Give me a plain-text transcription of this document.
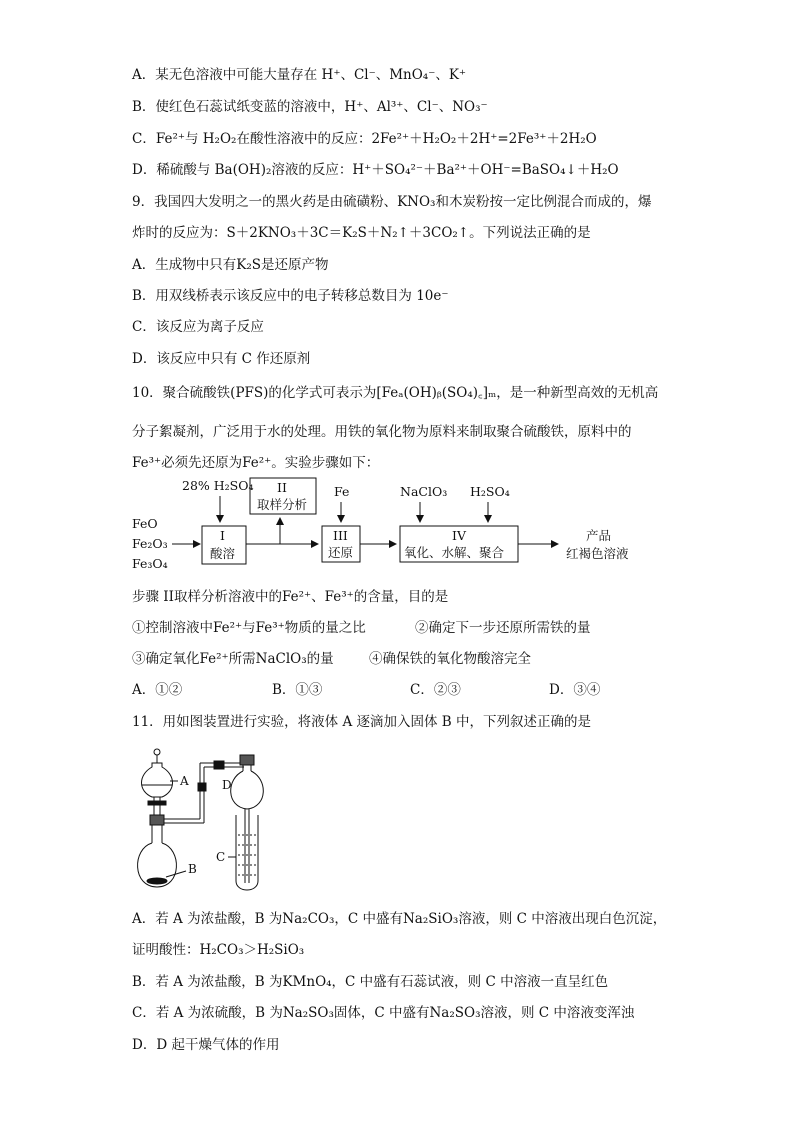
A．某无色溶液中可能大量存在 H⁺、Cl⁻、MnO₄⁻、K⁺
B．使红色石蕊试纸变蓝的溶液中，H⁺、Al³⁺、Cl⁻、NO₃⁻
C．Fe²⁺与 H₂O₂在酸性溶液中的反应：2Fe²⁺＋H₂O₂＋2H⁺=2Fe³⁺＋2H₂O
D．稀硫酸与 Ba(OH)₂溶液的反应：H⁺＋SO₄²⁻＋Ba²⁺＋OH⁻=BaSO₄↓＋H₂O
9．我国四大发明之一的黑火药是由硫磺粉、KNO₃和木炭粉按一定比例混合而成的，爆
炸时的反应为：S＋2KNO₃＋3C＝K₂S＋N₂↑＋3CO₂↑。下列说法正确的是
A．生成物中只有K₂S是还原产物
B．用双线桥表示该反应中的电子转移总数目为 10e⁻
C．该反应为离子反应
D．该反应中只有 C 作还原剂
10．聚合硫酸铁(PFS)的化学式可表示为[Feₐ(OH)ᵦ(SO₄)꜀]ₘ，是一种新型高效的无机高
分子絮凝剂，广泛用于水的处理。用铁的氧化物为原料来制取聚合硫酸铁，原料中的
Fe³⁺必须先还原为Fe²⁺。实验步骤如下：
28% H₂SO₄
I
酸溶
FeO
Fe₂O₃
Fe₃O₄
II
取样分析
Fe
III
还原
NaClO₃ H₂SO₄
IV
氧化、水解、聚合
产品
红褐色溶液
步骤 II取样分析溶液中的Fe²⁺、Fe³⁺的含量，目的是
①控制溶液中Fe²⁺与Fe³⁺物质的量之比	②确定下一步还原所需铁的量
③确定氧化Fe²⁺所需NaClO₃的量	④确保铁的氧化物酸溶完全
A．①②	B．①③	C．②③	D．③④
11．用如图装置进行实验，将液体 A 逐滴加入固体 B 中，下列叙述正确的是
A
B
C
D
A．若 A 为浓盐酸，B 为Na₂CO₃，C 中盛有Na₂SiO₃溶液，则 C 中溶液出现白色沉淀，
证明酸性：H₂CO₃＞H₂SiO₃
B．若 A 为浓盐酸，B 为KMnO₄，C 中盛有石蕊试液，则 C 中溶液一直呈红色
C．若 A 为浓硫酸，B 为Na₂SO₃固体，C 中盛有Na₂SO₃溶液，则 C 中溶液变浑浊
D．D 起干燥气体的作用
